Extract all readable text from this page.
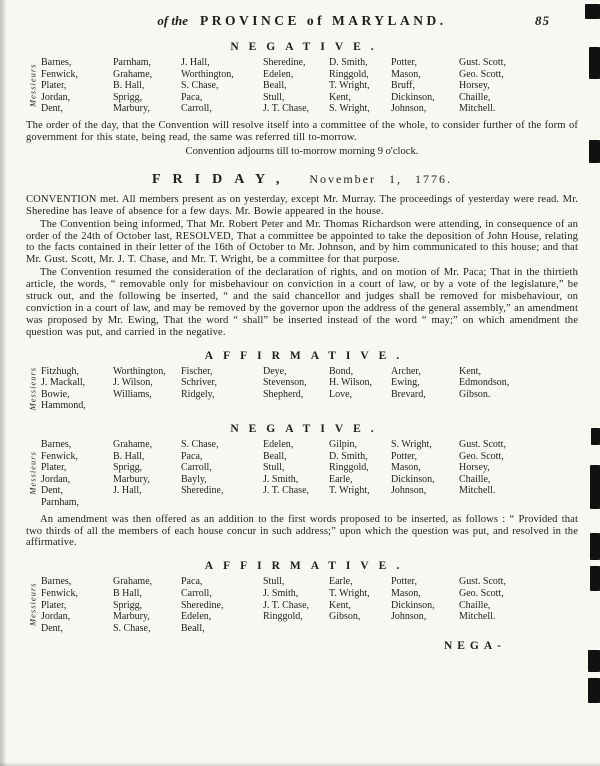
of the PROVINCE of MARYLAND.	85
NEGATIVE.
Messieurs
Barnes,
Fenwick,
Plater,
Jordan,
Dent,
Parnham,
Grahame,
B. Hall,
Sprigg,
Marbury,
J. Hall,
Worthington,
S. Chase,
Paca,
Carroll,
Sheredine,
Edelen,
Beall,
Stull,
J. T. Chase,
D. Smith,
Ringgold,
T. Wright,
Kent,
S. Wright,
Potter,
Mason,
Bruff,
Dickinson,
Johnson,
Gust. Scott,
Geo. Scott,
Horsey,
Chaille,
Mitchell.

The order of the day, that the Convention will resolve itself into a committee of the whole, to consider further of the form of government for this state, being read, the same was referred till to-morrow.

Convention adjourns till to-morrow morning 9 o'clock.
FRIDAY, November 1, 1776.

CONVENTION met. All members present as on yesterday, except Mr. Murray. The proceedings of yesterday were read. Mr. Sheredine has leave of absence for a few days. Mr. Bowie appeared in the house.

The Convention being informed, That Mr. Robert Peter and Mr. Thomas Richardson were attending, in consequence of an order of the 24th of October last, RESOLVED, That a committee be appointed to take the deposition of John House, relating to the facts contained in their letter of the 16th of October to Mr. Johnson, and by him communicated to this house; and that Mr. Gust. Scott, Mr. J. T. Chase, and Mr. T. Wright, be a committee for that purpose.

The Convention resumed the consideration of the declaration of rights, and on motion of Mr. Paca; That in the thirtieth article, the words, “ removable only for misbehaviour on conviction in a court of law, or by a vote of the legislature,” be struck out, and the following be inserted, “ and the said chancellor and judges shall be removed for misbehaviour, on conviction in a court of law, and may be removed by the governor upon the address of the general assembly,” an amendment was proposed by Mr. Ewing, That the word “ shall” be inserted instead of the word “ may;” on which amendment the question was put, and carried in the negative.

AFFIRMATIVE.
Messieurs Fitzhugh,
J. Mackall,
Bowie,
Hammond,
Worthington,
J. Wilson,
Williams,
Fischer,
Schriver,
Ridgely,
Deye,
Stevenson,
Shepherd,
Bond,
H. Wilson,
Love,
Archer,
Ewing,
Brevard,
Kent,
Edmondson,
Gibson.
NEGATIVE.
Messieurs
Barnes,
Fenwick,
Plater,
Jordan,
Dent,
Parnham,
Grahame,
B. Hall,
Sprigg,
Marbury,
J. Hall,
S. Chase,
Paca,
Carroll,
Bayly,
Sheredine,
Edelen,
Beall,
Stull,
J. Smith,
J. T. Chase,
Gilpin,
D. Smith,
Ringgold,
Earle,
T. Wright,
S. Wright,
Potter,
Mason,
Dickinson,
Johnson,
Gust. Scott,
Geo. Scott,
Horsey,
Chaille,
Mitchell.

An amendment was then offered as an addition to the first words proposed to be inserted, as follows : “ Provided that two thirds of all the members of each house concur in such address;” upon which the question was put, and resolved in the affirmative.

AFFIRMATIVE.
Messieurs
Barnes,
Fenwick,
Plater,
Jordan,
Dent,
Grahame,
B Hall,
Sprigg,
Marbury,
S. Chase,
Paca,
Carroll,
Sheredine,
Edelen,
Beall,
Stull,
J. Smith,
J. T. Chase,
Ringgold,
Earle,
T. Wright,
Kent,
Gibson,
Potter,
Mason,
Dickinson,
Johnson,
Gust. Scott,
Geo. Scott,
Chaille,
Mitchell.
NEGA-
